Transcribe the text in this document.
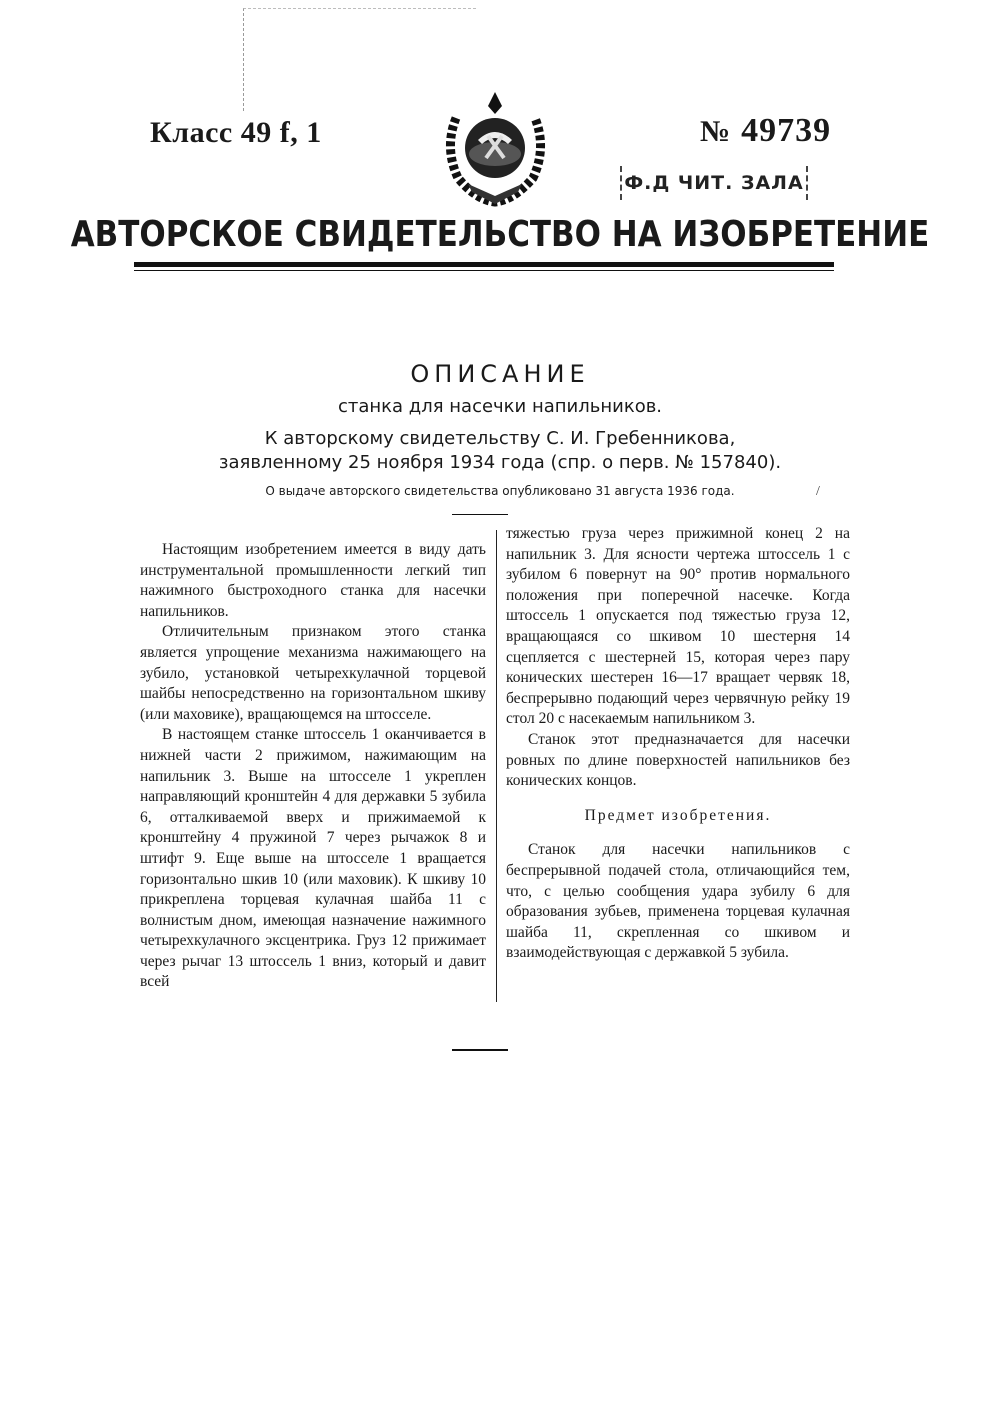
Класс 49 f, 1	№ 49739
Ф.Д ЧИТ. ЗАЛА
АВТОРСКОЕ СВИДЕТЕЛЬСТВО НА ИЗОБРЕТЕНИЕ
ОПИСАНИЕ
станка для насечки напильников.
К авторскому свидетельству С. И. Гребенникова,
заявленному 25 ноября 1934 года (спр. о перв. № 157840).
О выдаче авторского свидетельства опубликовано 31 августа 1936 года.	/

Настоящим изобретением имеется в виду дать инструментальной промышленности легкий тип нажимного быстроходного станка для насечки напильников.

Отличительным признаком этого станка является упрощение механизма нажимающего на зубило, установкой четырехкулачной торцевой шайбы непосредственно на горизонтальном шкиву (или маховике), вращающемся на штосселе.

В настоящем станке штоссель 1 оканчивается в нижней части 2 прижимом, нажимающим на напильник 3. Выше на штосселе 1 укреплен направляющий кронштейн 4 для державки 5 зубила 6, отталкиваемой вверх и прижимаемой к кронштейну 4 пружиной 7 через рычажок 8 и штифт 9. Еще выше на штосселе 1 вращается горизонтально шкив 10 (или маховик). К шкиву 10 прикреплена торцевая кулачная шайба 11 с волнистым дном, имеющая назначение нажимного четырехкулачного эксцентрика. Груз 12 прижимает через рычаг 13 штоссель 1 вниз, который и давит всей

тяжестью груза через прижимной конец 2 на напильник 3. Для ясности чертежа штоссель 1 с зубилом 6 повернут на 90° против нормального положения при поперечной насечке. Когда штоссель 1 опускается под тяжестью груза 12, вращающаяся со шкивом 10 шестерня 14 сцепляется с шестерней 15, которая через пару конических шестерен 16—17 вращает червяк 18, беспрерывно подающий через червячную рейку 19 стол 20 с насекаемым напильником 3.

Станок этот предназначается для насечки ровных по длине поверхностей напильников без конических концов.

Предмет изобретения.

Станок для насечки напильников с беспрерывной подачей стола, отличающийся тем, что, с целью сообщения удара зубилу 6 для образования зубьев, применена торцевая кулачная шайба 11, скрепленная со шкивом и взаимодействующая с державкой 5 зубила.
